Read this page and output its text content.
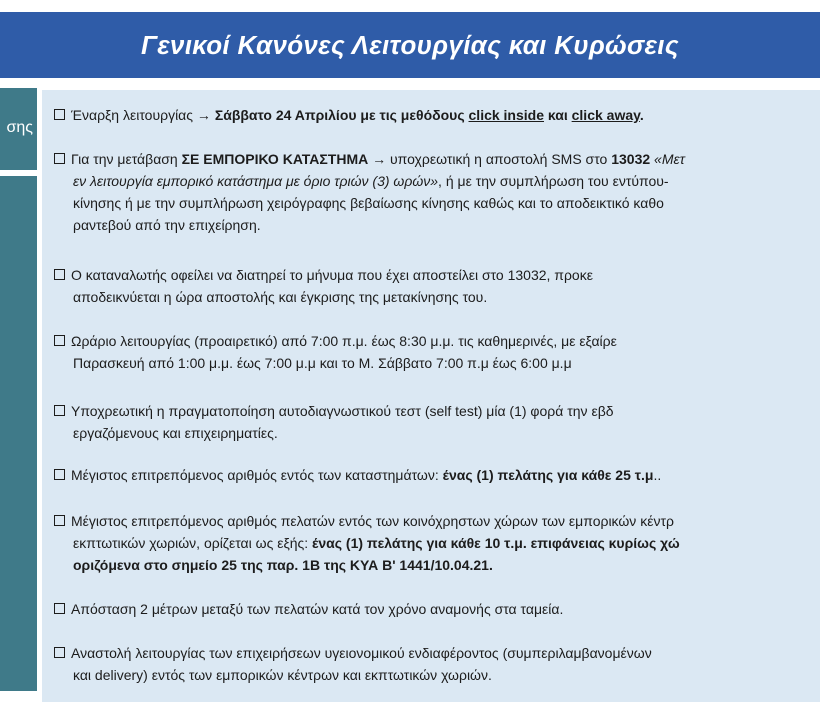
Γενικοί Κανόνες Λειτουργίας και Κυρώσεις
σης
Έναρξη λειτουργίας → Σάββατο 24 Απριλίου με τις μεθόδους click inside και click away.
Για την μετάβαση ΣΕ ΕΜΠΟΡΙΚΟ ΚΑΤΑΣΤΗΜΑ → υποχρεωτική η αποστολή SMS στο 13032 «Μετ
εν λειτουργία εμπορικό κατάστημα με όριο τριών (3) ωρών», ή με την συμπλήρωση του εντύπου-
κίνησης ή με την συμπλήρωση χειρόγραφης βεβαίωσης κίνησης καθώς και το αποδεικτικό καθο
ραντεβού από την επιχείρηση.
Ο καταναλωτής οφείλει να διατηρεί το μήνυμα που έχει αποστείλει στο 13032, προκε
αποδεικνύεται η ώρα αποστολής και έγκρισης της μετακίνησης του.
Ωράριο λειτουργίας (προαιρετικό) από 7:00 π.μ. έως 8:30 μ.μ. τις καθημερινές, με εξαίρε
Παρασκευή από 1:00 μ.μ. έως 7:00 μ.μ και το Μ. Σάββατο 7:00 π.μ έως 6:00 μ.μ
Υποχρεωτική η πραγματοποίηση αυτοδιαγνωστικού τεστ (self test) μία (1) φορά την εβδ
εργαζόμενους και επιχειρηματίες.
Μέγιστος επιτρεπόμενος αριθμός εντός των καταστημάτων: ένας (1) πελάτης για κάθε 25 τ.μ..
Μέγιστος επιτρεπόμενος αριθμός πελατών εντός των κοινόχρηστων χώρων των εμπορικών κέντρ
εκπτωτικών χωριών, ορίζεται ως εξής: ένας (1) πελάτης για κάθε 10 τ.μ. επιφάνειας κυρίως χώ
οριζόμενα στο σημείο 25 της παρ. 1Β της ΚΥΑ Β' 1441/10.04.21.
Απόσταση 2 μέτρων μεταξύ των πελατών κατά τον χρόνο αναμονής στα ταμεία.
Αναστολή λειτουργίας των επιχειρήσεων υγειονομικού ενδιαφέροντος (συμπεριλαμβανομένων
και delivery) εντός των εμπορικών κέντρων και εκπτωτικών χωριών.
